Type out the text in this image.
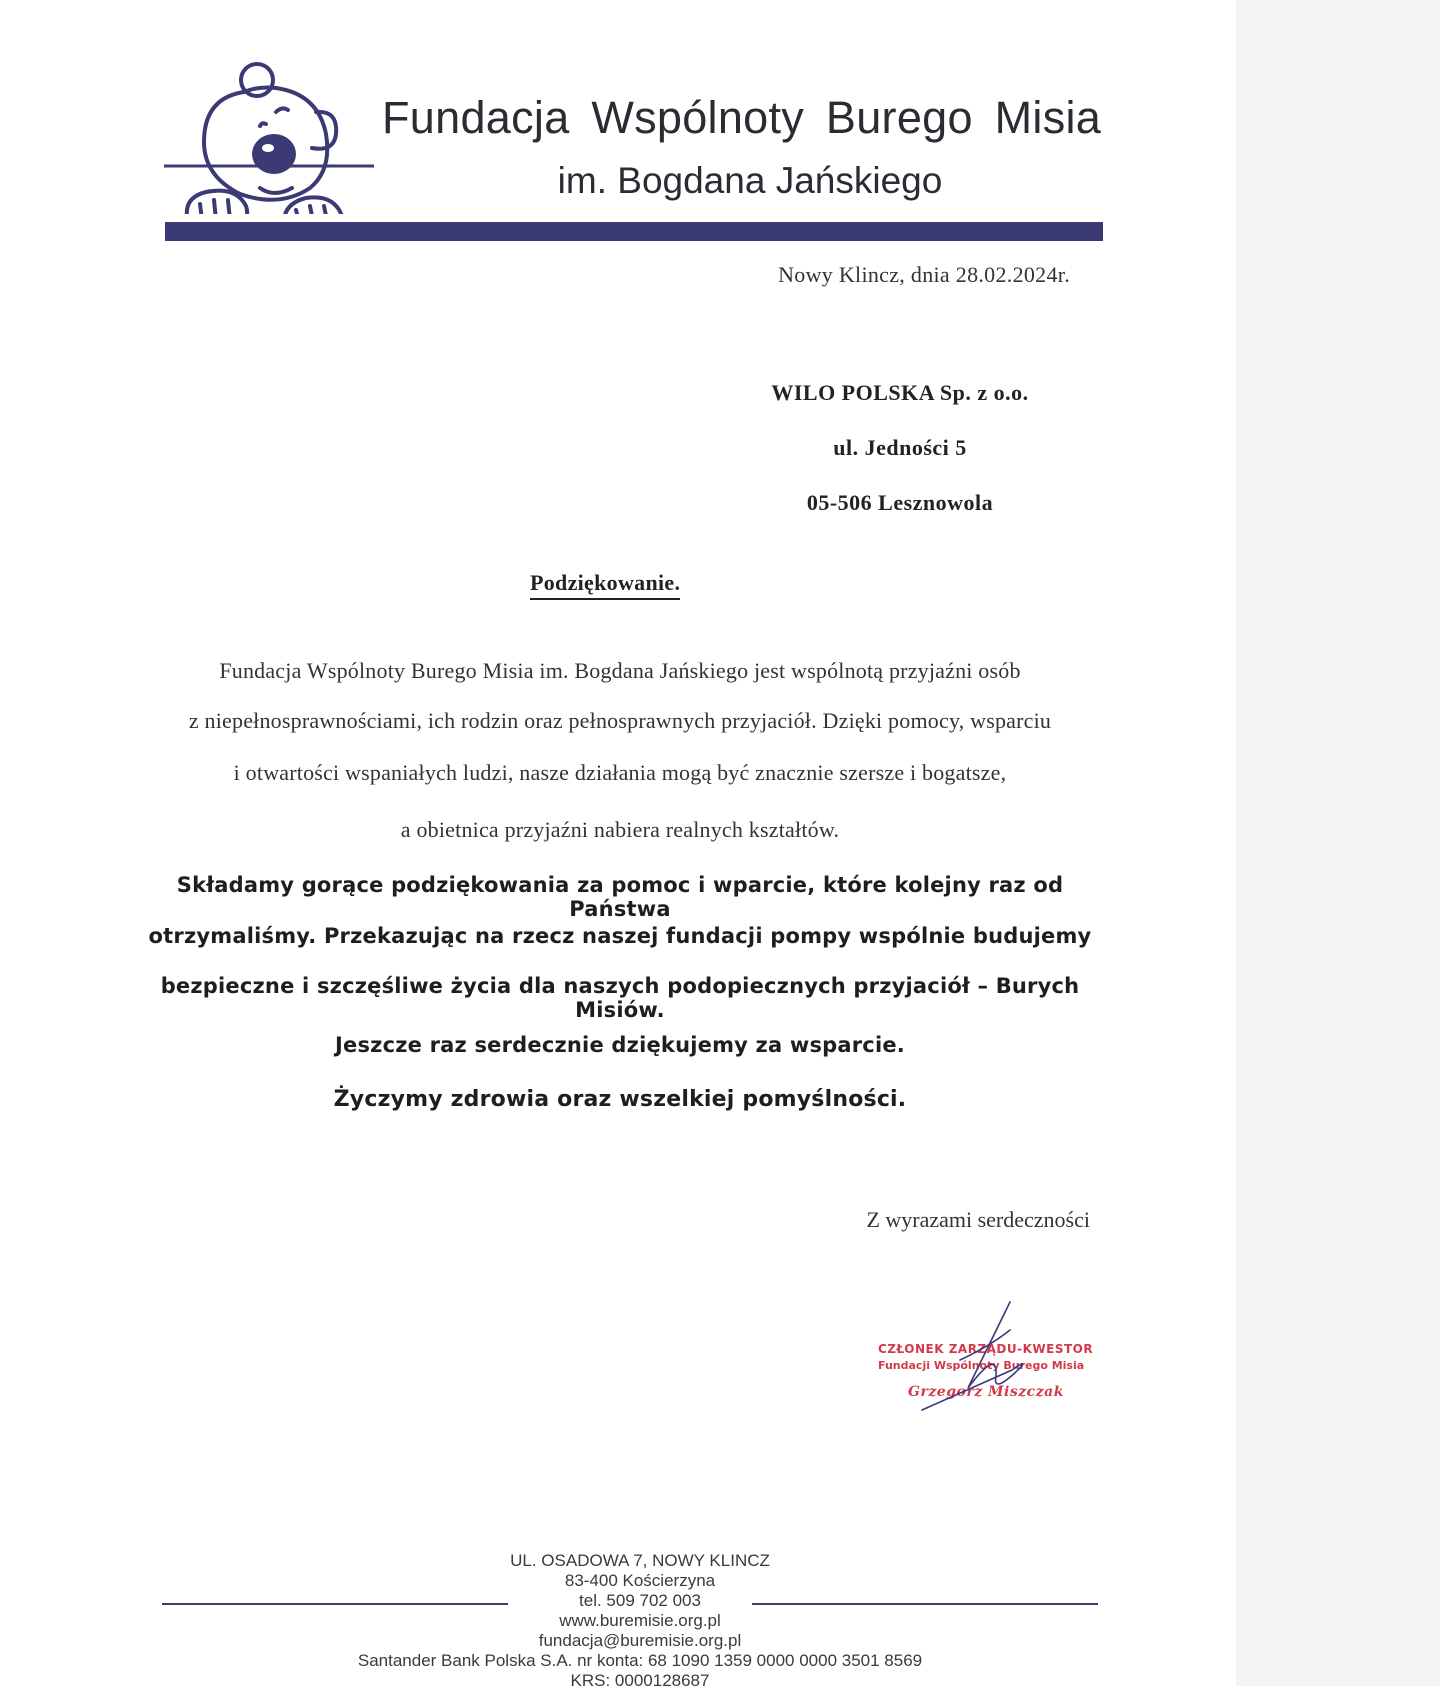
Fundacja Wspólnoty Burego Misia
im. Bogdana Jańskiego
Nowy Klincz, dnia 28.02.2024r.
WILO POLSKA Sp. z o.o.
ul. Jedności 5
05-506 Lesznowola
Podziękowanie.
Fundacja Wspólnoty Burego Misia im. Bogdana Jańskiego jest wspólnotą przyjaźni osób
z niepełnosprawnościami, ich rodzin oraz pełnosprawnych przyjaciół. Dzięki pomocy, wsparciu
i otwartości wspaniałych ludzi, nasze działania mogą być znacznie szersze i bogatsze,
a obietnica przyjaźni nabiera realnych kształtów.
Składamy gorące podziękowania za pomoc i wparcie, które kolejny raz od Państwa
otrzymaliśmy. Przekazując na rzecz naszej fundacji pompy wspólnie budujemy
bezpieczne i szczęśliwe życia dla naszych podopiecznych przyjaciół – Burych Misiów.
Jeszcze raz serdecznie dziękujemy za wsparcie.
Życzymy zdrowia oraz wszelkiej pomyślności.
Z wyrazami serdeczności
CZŁONEK ZARZĄDU-KWESTOR
Fundacji Wspólnoty Burego Misia
Grzegorz Miszczak
UL. OSADOWA 7, NOWY KLINCZ
83-400 Kościerzyna
tel. 509 702 003
www.buremisie.org.pl
fundacja@buremisie.org.pl
Santander Bank Polska S.A. nr konta: 68 1090 1359 0000 0000 3501 8569
KRS: 0000128687
